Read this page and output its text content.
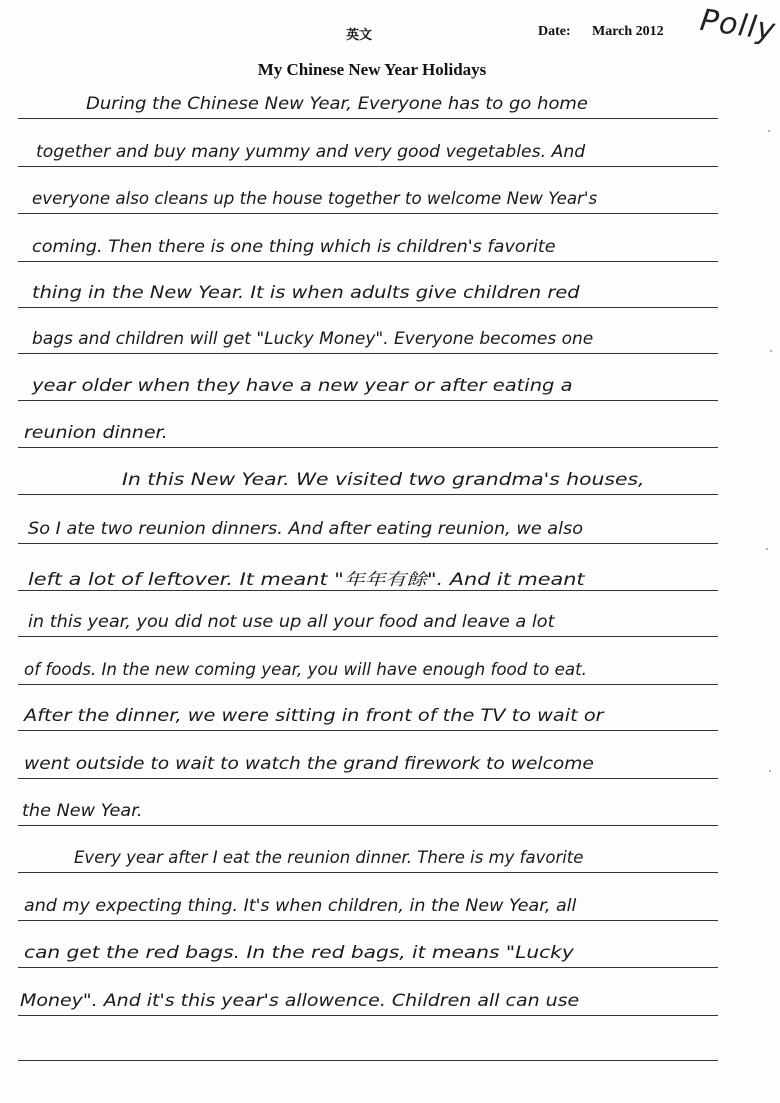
英文	Date: March 2012 Polly
My Chinese New Year Holidays
During the Chinese New Year, Everyone has to go home
together and buy many yummy and very good vegetables. And
everyone also cleans up the house together to welcome New Year's
coming. Then there is one thing which is children's favorite
thing in the New Year. It is when adults give children red
bags and children will get "Lucky Money". Everyone becomes one
year older when they have a new year or after eating a
reunion dinner.
In this New Year. We visited two grandma's houses,
So I ate two reunion dinners. And after eating reunion, we also
left a lot of leftover. It meant "年年有餘". And it meant
in this year, you did not use up all your food and leave a lot
of foods. In the new coming year, you will have enough food to eat.
After the dinner, we were sitting in front of the TV to wait or
went outside to wait to watch the grand firework to welcome
the New Year.
Every year after I eat the reunion dinner. There is my favorite
and my expecting thing. It's when children, in the New Year, all
can get the red bags. In the red bags, it means "Lucky
Money". And it's this year's allowence. Children all can use
